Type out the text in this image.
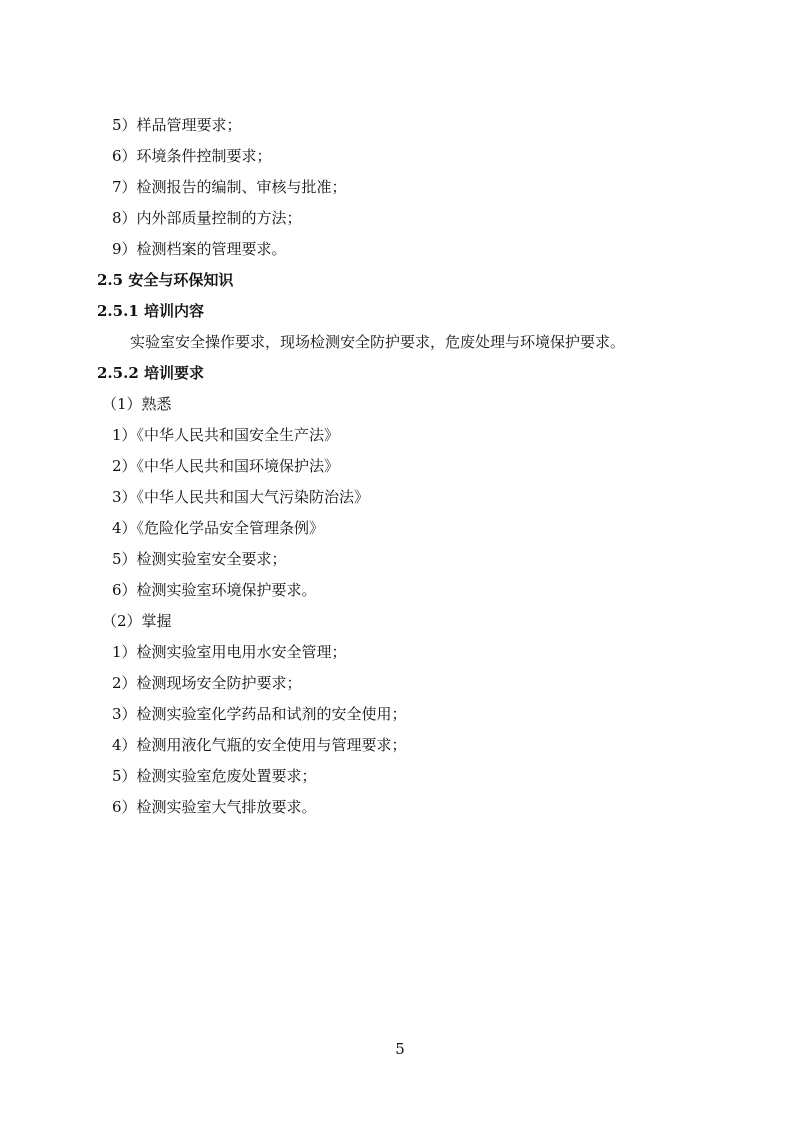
5）样品管理要求；
6）环境条件控制要求；
7）检测报告的编制、审核与批准；
8）内外部质量控制的方法；
9）检测档案的管理要求。
2.5 安全与环保知识
2.5.1 培训内容
实验室安全操作要求，现场检测安全防护要求，危废处理与环境保护要求。
2.5.2 培训要求
（1）熟悉
1）《中华人民共和国安全生产法》
2）《中华人民共和国环境保护法》
3）《中华人民共和国大气污染防治法》
4）《危险化学品安全管理条例》
5）检测实验室安全要求；
6）检测实验室环境保护要求。
（2）掌握
1）检测实验室用电用水安全管理；
2）检测现场安全防护要求；
3）检测实验室化学药品和试剂的安全使用；
4）检测用液化气瓶的安全使用与管理要求；
5）检测实验室危废处置要求；
6）检测实验室大气排放要求。
5
